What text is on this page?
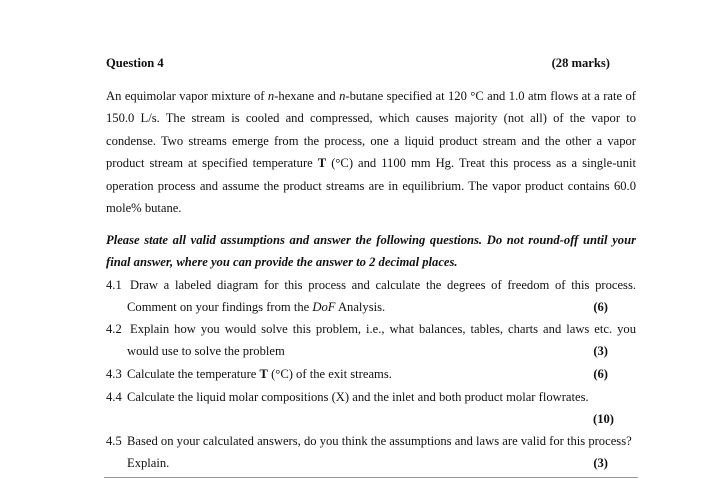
Question 4	(28 marks)
An equimolar vapor mixture of n-hexane and n-butane specified at 120 °C and 1.0 atm flows at a rate of 150.0 L/s. The stream is cooled and compressed, which causes majority (not all) of the vapor to condense. Two streams emerge from the process, one a liquid product stream and the other a vapor product stream at specified temperature T (°C) and 1100 mm Hg. Treat this process as a single-unit operation process and assume the product streams are in equilibrium. The vapor product contains 60.0 mole% butane.
Please state all valid assumptions and answer the following questions. Do not round-off until your final answer, where you can provide the answer to 2 decimal places.
4.1 Draw a labeled diagram for this process and calculate the degrees of freedom of this process.
Comment on your findings from the DoF Analysis.	(6)
4.2 Explain how you would solve this problem, i.e., what balances, tables, charts and laws etc. you
would use to solve the problem	(3)
4.3 Calculate the temperature T (°C) of the exit streams.	(6)
4.4 Calculate the liquid molar compositions (X) and the inlet and both product molar flowrates.
(10)
4.5 Based on your calculated answers, do you think the assumptions and laws are valid for this process?
Explain.	(3)
